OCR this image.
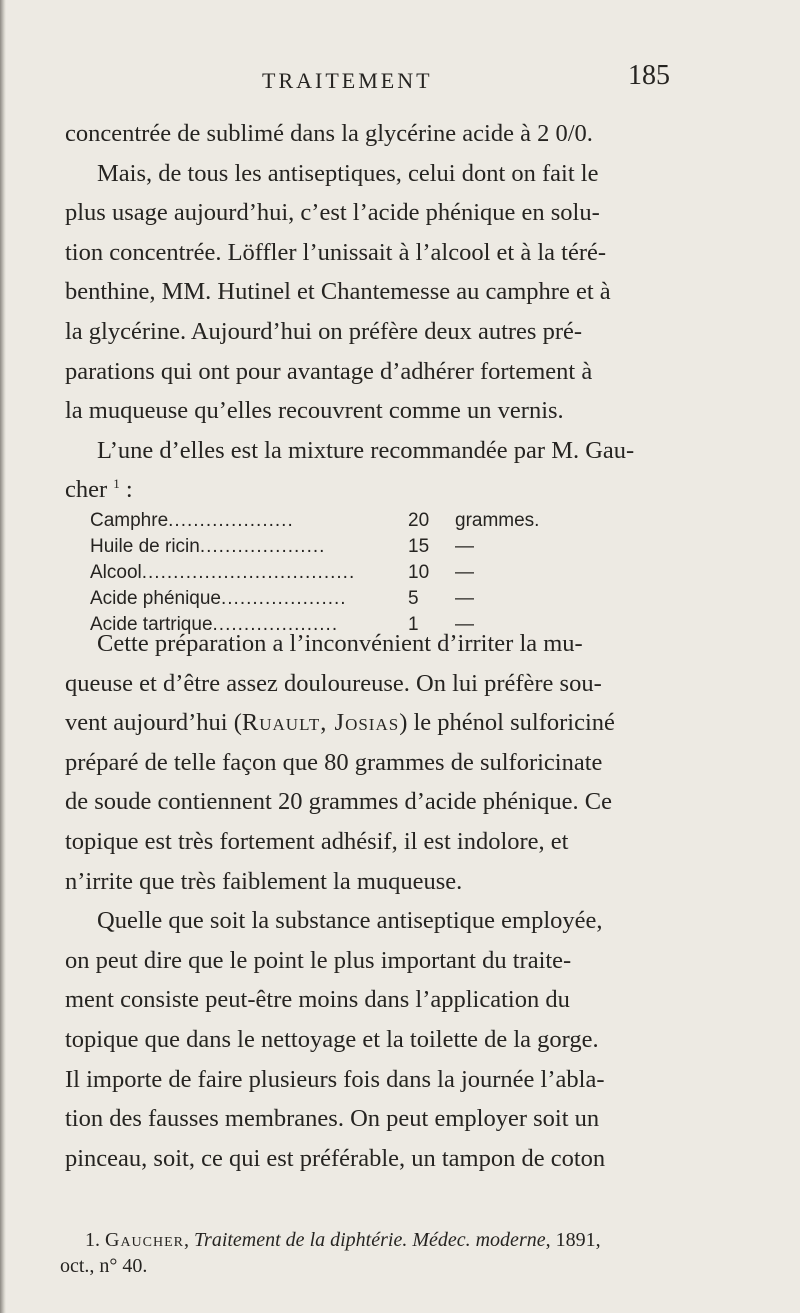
TRAITEMENT	185

concentrée de sublimé dans la glycérine acide à 2 0/0.

Mais, de tous les antiseptiques, celui dont on fait le

plus usage aujourd’hui, c’est l’acide phénique en solu-

tion concentrée. Löffler l’unissait à l’alcool et à la téré-

benthine, MM. Hutinel et Chantemesse au camphre et à

la glycérine. Aujourd’hui on préfère deux autres pré-

parations qui ont pour avantage d’adhérer fortement à

la muqueuse qu’elles recouvrent comme un vernis.

L’une d’elles est la mixture recommandée par M. Gau-

cher $^1$ :

Camphre....................	20	grammes.
Huile de ricin....................	15	—
Alcool..................................	10	—
Acide phénique....................	5	—
Acide tartrique....................	1	—

Cette préparation a l’inconvénient d’irriter la mu-

queuse et d’être assez douloureuse. On lui préfère sou-

vent aujourd’hui (Ruault, Josias) le phénol sulforiciné

préparé de telle façon que 80 grammes de sulforicinate

de soude contiennent 20 grammes d’acide phénique. Ce

topique est très fortement adhésif, il est indolore, et

n’irrite que très faiblement la muqueuse.

Quelle que soit la substance antiseptique employée,

on peut dire que le point le plus important du traite-

ment consiste peut-être moins dans l’application du

topique que dans le nettoyage et la toilette de la gorge.

Il importe de faire plusieurs fois dans la journée l’abla-

tion des fausses membranes. On peut employer soit un

pinceau, soit, ce qui est préférable, un tampon de coton

1. Gaucher, Traitement de la diphtérie. Médec. moderne, 1891,
oct., n° 40.
